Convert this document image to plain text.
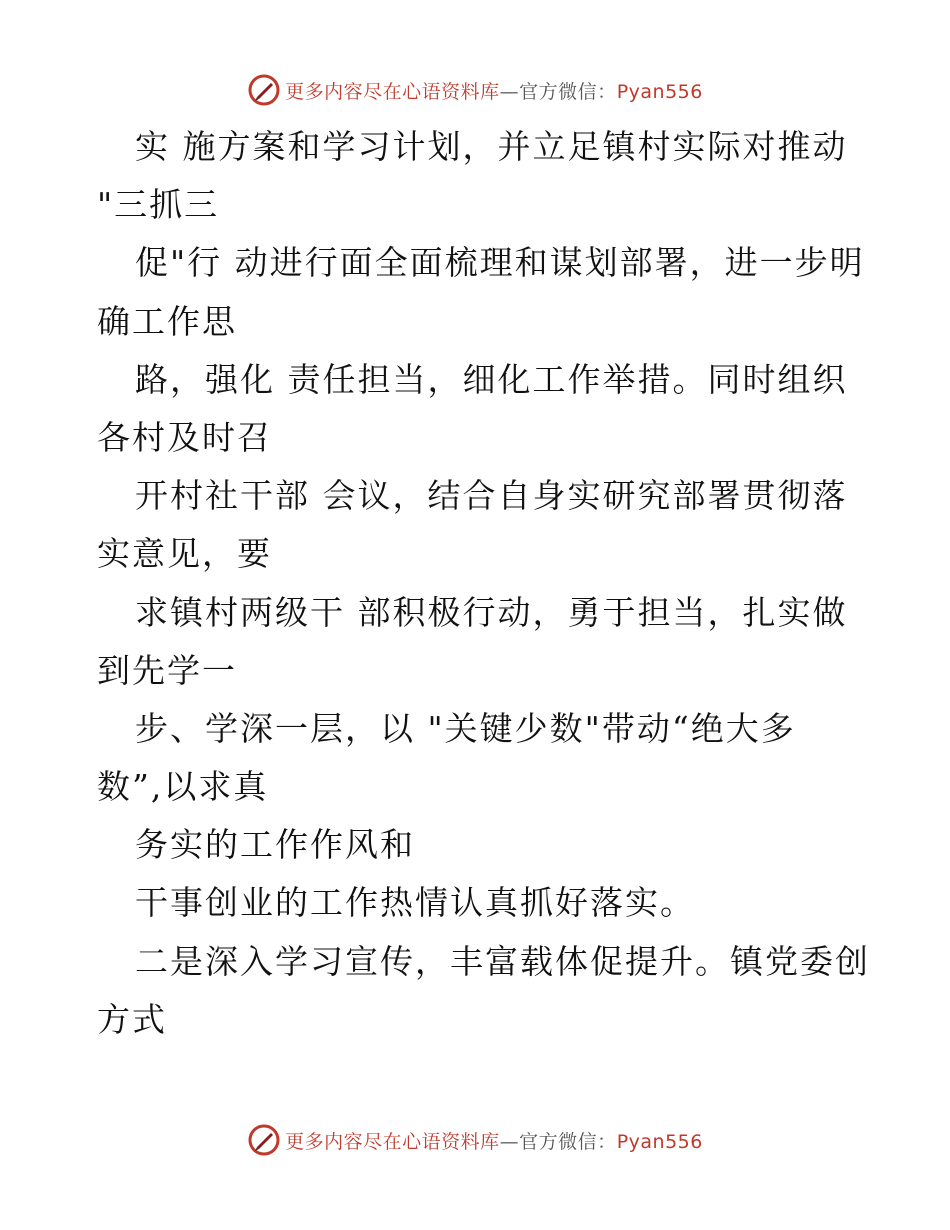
更多内容尽在心语资料库—官方微信：Pyan556
实 施方案和学习计划，并立足镇村实际对推动
"三抓三
促"行 动进行面全面梳理和谋划部署，进一步明
确工作思
路，强化 责任担当，细化工作举措。同时组织
各村及时召
开村社干部 会议，结合自身实研究部署贯彻落
实意见，要
求镇村两级干 部积极行动，勇于担当，扎实做
到先学一
步、学深一层，以 "关键少数"带动“绝大多
数”,以求真
务实的工作作风和
干事创业的工作热情认真抓好落实。
二是深入学习宣传，丰富载体促提升。镇党委创
方式
更多内容尽在心语资料库—官方微信：Pyan556
